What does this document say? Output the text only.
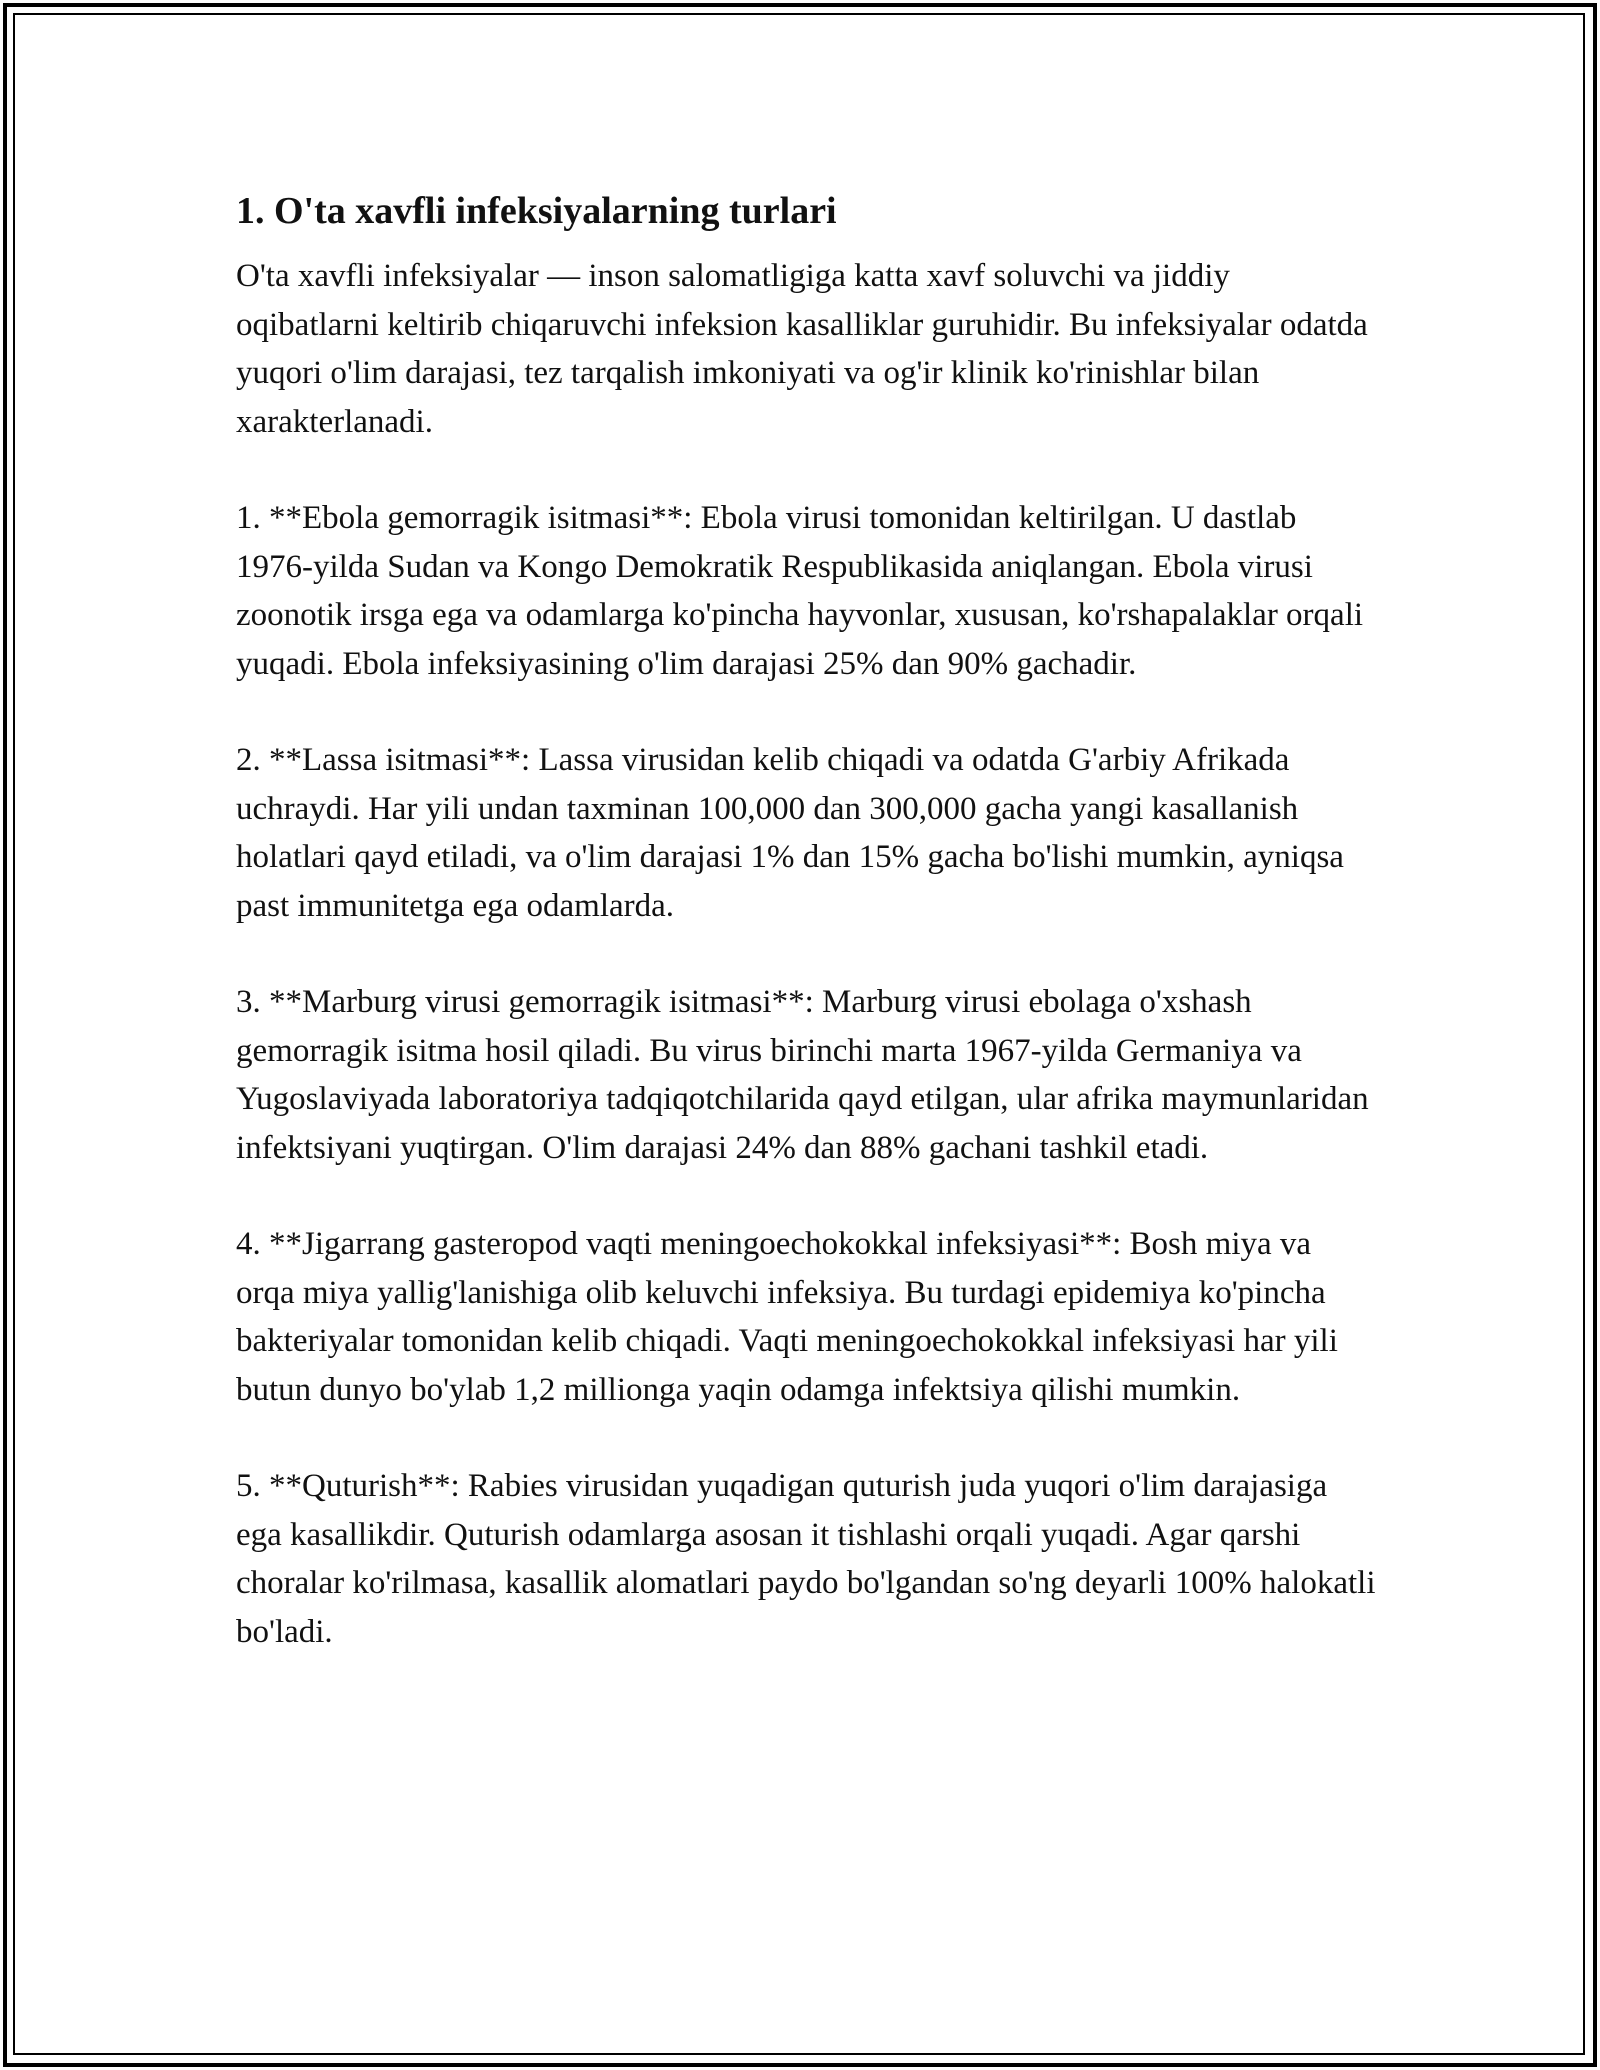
1. O'ta xavfli infeksiyalarning turlari

O'ta xavfli infeksiyalar — inson salomatligiga katta xavf soluvchi va jiddiy oqibatlarni keltirib chiqaruvchi infeksion kasalliklar guruhidir. Bu infeksiyalar odatda yuqori o'lim darajasi, tez tarqalish imkoniyati va og'ir klinik ko'rinishlar bilan xarakterlanadi.

1. **Ebola gemorragik isitmasi**: Ebola virusi tomonidan keltirilgan. U dastlab 1976-yilda Sudan va Kongo Demokratik Respublikasida aniqlangan. Ebola virusi zoonotik irsga ega va odamlarga ko'pincha hayvonlar, xususan, ko'rshapalaklar orqali yuqadi. Ebola infeksiyasining o'lim darajasi 25% dan 90% gachadir.

2. **Lassa isitmasi**: Lassa virusidan kelib chiqadi va odatda G'arbiy Afrikada uchraydi. Har yili undan taxminan 100,000 dan 300,000 gacha yangi kasallanish holatlari qayd etiladi, va o'lim darajasi 1% dan 15% gacha bo'lishi mumkin, ayniqsa past immunitetga ega odamlarda.

3. **Marburg virusi gemorragik isitmasi**: Marburg virusi ebolaga o'xshash gemorragik isitma hosil qiladi. Bu virus birinchi marta 1967-yilda Germaniya va Yugoslaviyada laboratoriya tadqiqotchilarida qayd etilgan, ular afrika maymunlaridan infektsiyani yuqtirgan. O'lim darajasi 24% dan 88% gachani tashkil etadi.

4. **Jigarrang gasteropod vaqti meningoechokokkal infeksiyasi**: Bosh miya va orqa miya yallig'lanishiga olib keluvchi infeksiya. Bu turdagi epidemiya ko'pincha bakteriyalar tomonidan kelib chiqadi. Vaqti meningoechokokkal infeksiyasi har yili butun dunyo bo'ylab 1,2 millionga yaqin odamga infektsiya qilishi mumkin.

5. **Quturish**: Rabies virusidan yuqadigan quturish juda yuqori o'lim darajasiga ega kasallikdir. Quturish odamlarga asosan it tishlashi orqali yuqadi. Agar qarshi choralar ko'rilmasa, kasallik alomatlari paydo bo'lgandan so'ng deyarli 100% halokatli bo'ladi.
